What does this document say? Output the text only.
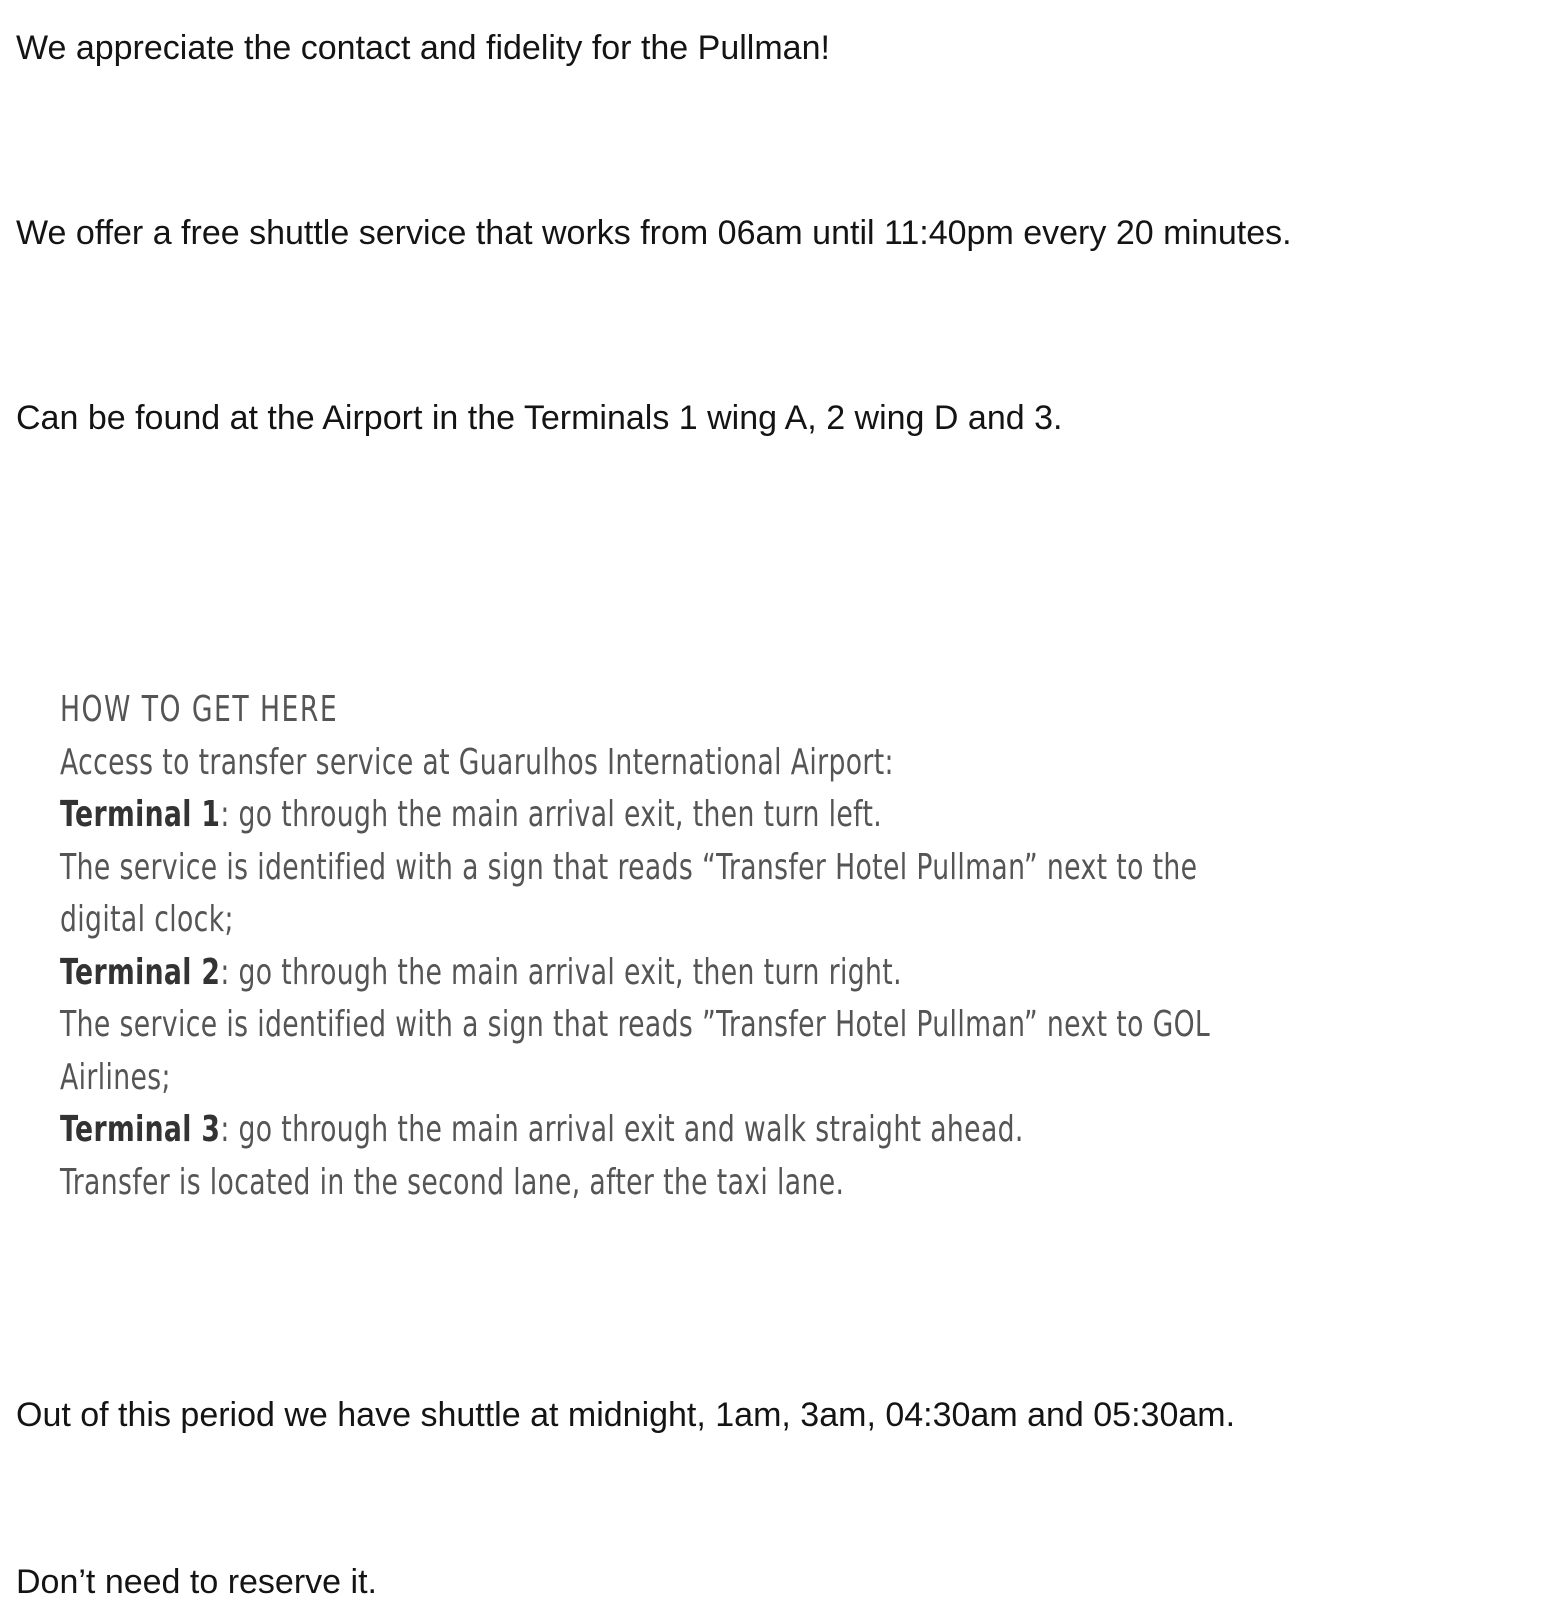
We appreciate the contact and fidelity for the Pullman!

We offer a free shuttle service that works from 06am until 11:40pm every 20 minutes.

Can be found at the Airport in the Terminals 1 wing A, 2 wing D and 3.

HOW TO GET HERE
Access to transfer service at Guarulhos International Airport:
Terminal 1: go through the main arrival exit, then turn left.
The service is identified with a sign that reads “Transfer Hotel Pullman” next to the
digital clock;
Terminal 2: go through the main arrival exit, then turn right.
The service is identified with a sign that reads ”Transfer Hotel Pullman” next to GOL
Airlines;
Terminal 3: go through the main arrival exit and walk straight ahead.
Transfer is located in the second lane, after the taxi lane.

Out of this period we have shuttle at midnight, 1am, 3am, 04:30am and 05:30am.

Don’t need to reserve it.
